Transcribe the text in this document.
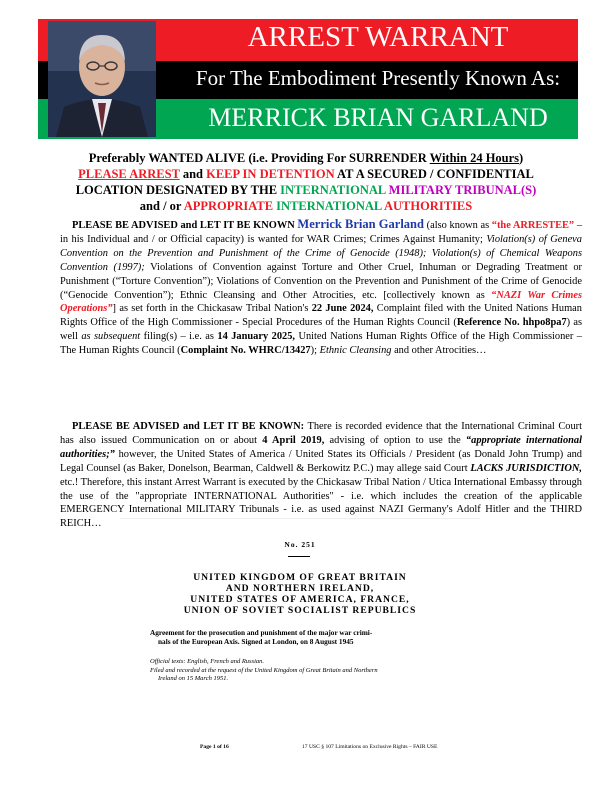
ARREST WARRANT
For The Embodiment Presently Known As:
MERRICK BRIAN GARLAND
Preferably WANTED ALIVE (i.e. Providing For SURRENDER Within 24 Hours)
PLEASE ARREST and KEEP IN DETENTION AT A SECURED / CONFIDENTIAL
LOCATION DESIGNATED BY THE INTERNATIONAL MILITARY TRIBUNAL(S)
and / or APPROPRIATE INTERNATIONAL AUTHORITIES
PLEASE BE ADVISED and LET IT BE KNOWN Merrick Brian Garland (also known as “the ARRESTEE” – in his Individual and / or Official capacity) is wanted for WAR Crimes; Crimes Against Humanity; Violation(s) of Geneva Convention on the Prevention and Punishment of the Crime of Genocide (1948); Violation(s) of Chemical Weapons Convention (1997); Violations of Convention against Torture and Other Cruel, Inhuman or Degrading Treatment or Punishment (“Torture Convention”); Violations of Convention on the Prevention and Punishment of the Crime of Genocide (“Genocide Convention”); Ethnic Cleansing and Other Atrocities, etc. [collectively known as “NAZI War Crimes Operations”] as set forth in the Chickasaw Tribal Nation's 22 June 2024, Complaint filed with the United Nations Human Rights Office of the High Commissioner - Special Procedures of the Human Rights Council (Reference No. hhpo8pa7) as well as subsequent filing(s) – i.e. as 14 January 2025, United Nations Human Rights Office of the High Commissioner – The Human Rights Council (Complaint No. WHRC/13427); Ethnic Cleansing and other Atrocities…
PLEASE BE ADVISED and LET IT BE KNOWN: There is recorded evidence that the International Criminal Court has also issued Communication on or about 4 April 2019, advising of option to use the “appropriate international authorities;” however, the United States of America / United States its Officials / President (as Donald John Trump) and Legal Counsel (as Baker, Donelson, Bearman, Caldwell & Berkowitz P.C.) may allege said Court LACKS JURISDICTION, etc.! Therefore, this instant Arrest Warrant is executed by the Chickasaw Tribal Nation / Utica International Embassy through the use of the "appropriate INTERNATIONAL Authorities" - i.e. which includes the creation of the applicable EMERGENCY International MILITARY Tribunals - i.e. as used against NAZI Germany's Adolf Hitler and the THIRD REICH…
No. 251
UNITED KINGDOM OF GREAT BRITAIN
AND NORTHERN IRELAND,
UNITED STATES OF AMERICA, FRANCE,
UNION OF SOVIET SOCIALIST REPUBLICS
Agreement for the prosecution and punishment of the major war crimi-
nals of the European Axis. Signed at London, on 8 August 1945
Official texts: English, French and Russian.
Filed and recorded at the request of the United Kingdom of Great Britain and Northern
Ireland on 15 March 1951.
Page 1 of 16	17 USC § 107 Limitations on Exclusive Rights – FAIR USE
